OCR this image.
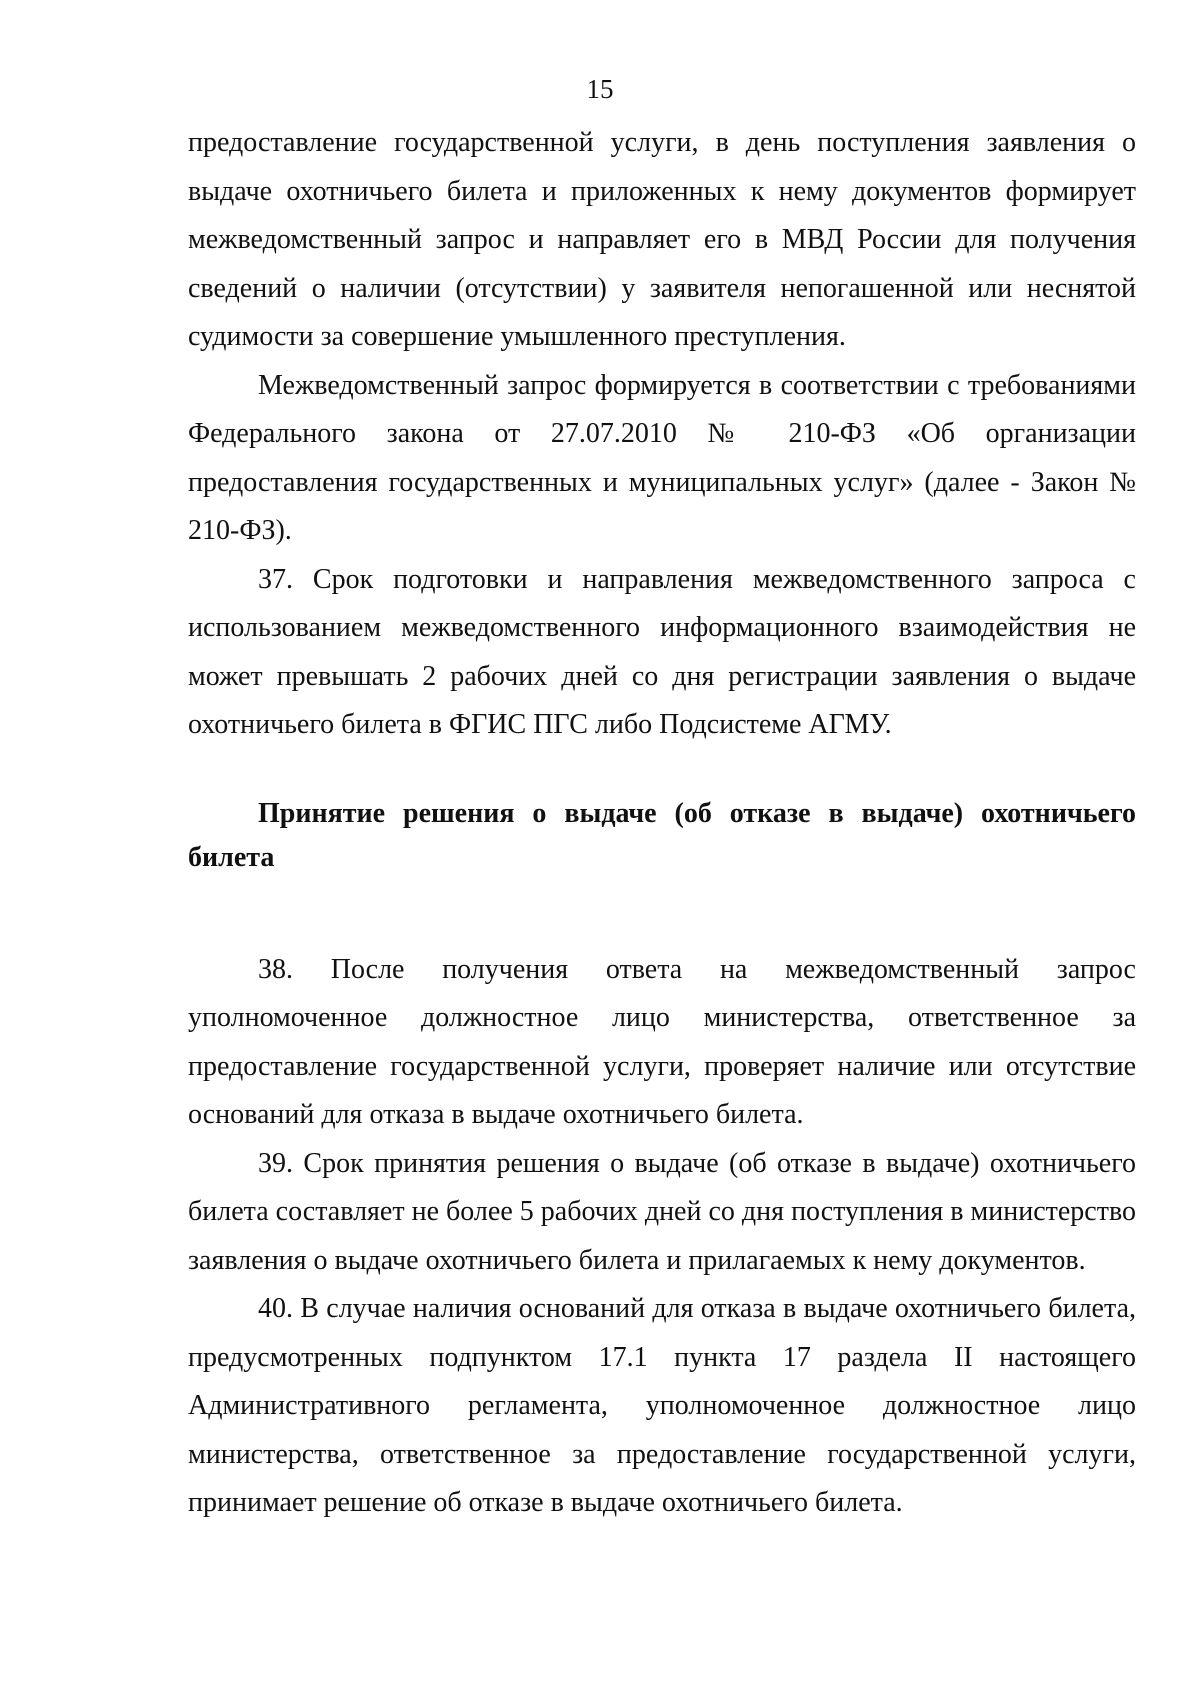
15

предоставление государственной услуги, в день поступления заявления о выдаче охотничьего билета и приложенных к нему документов формирует межведомственный запрос и направляет его в МВД России для получения сведений о наличии (отсутствии) у заявителя непогашенной или неснятой судимости за совершение умышленного преступления.

Межведомственный запрос формируется в соответствии с требованиями Федерального закона от 27.07.2010 № 210-ФЗ «Об организации предоставления государственных и муниципальных услуг» (далее - Закон № 210-ФЗ).

37. Срок подготовки и направления межведомственного запроса с использованием межведомственного информационного взаимодействия не может превышать 2 рабочих дней со дня регистрации заявления о выдаче охотничьего билета в ФГИС ПГС либо Подсистеме АГМУ.

Принятие решения о выдаче (об отказе в выдаче) охотничьего билета

38. После получения ответа на межведомственный запрос уполномоченное должностное лицо министерства, ответственное за предоставление государственной услуги, проверяет наличие или отсутствие оснований для отказа в выдаче охотничьего билета.

39. Срок принятия решения о выдаче (об отказе в выдаче) охотничьего билета составляет не более 5 рабочих дней со дня поступления в министерство заявления о выдаче охотничьего билета и прилагаемых к нему документов.

40. В случае наличия оснований для отказа в выдаче охотничьего билета, предусмотренных подпунктом 17.1 пункта 17 раздела II настоящего Административного регламента, уполномоченное должностное лицо министерства, ответственное за предоставление государственной услуги, принимает решение об отказе в выдаче охотничьего билета.
